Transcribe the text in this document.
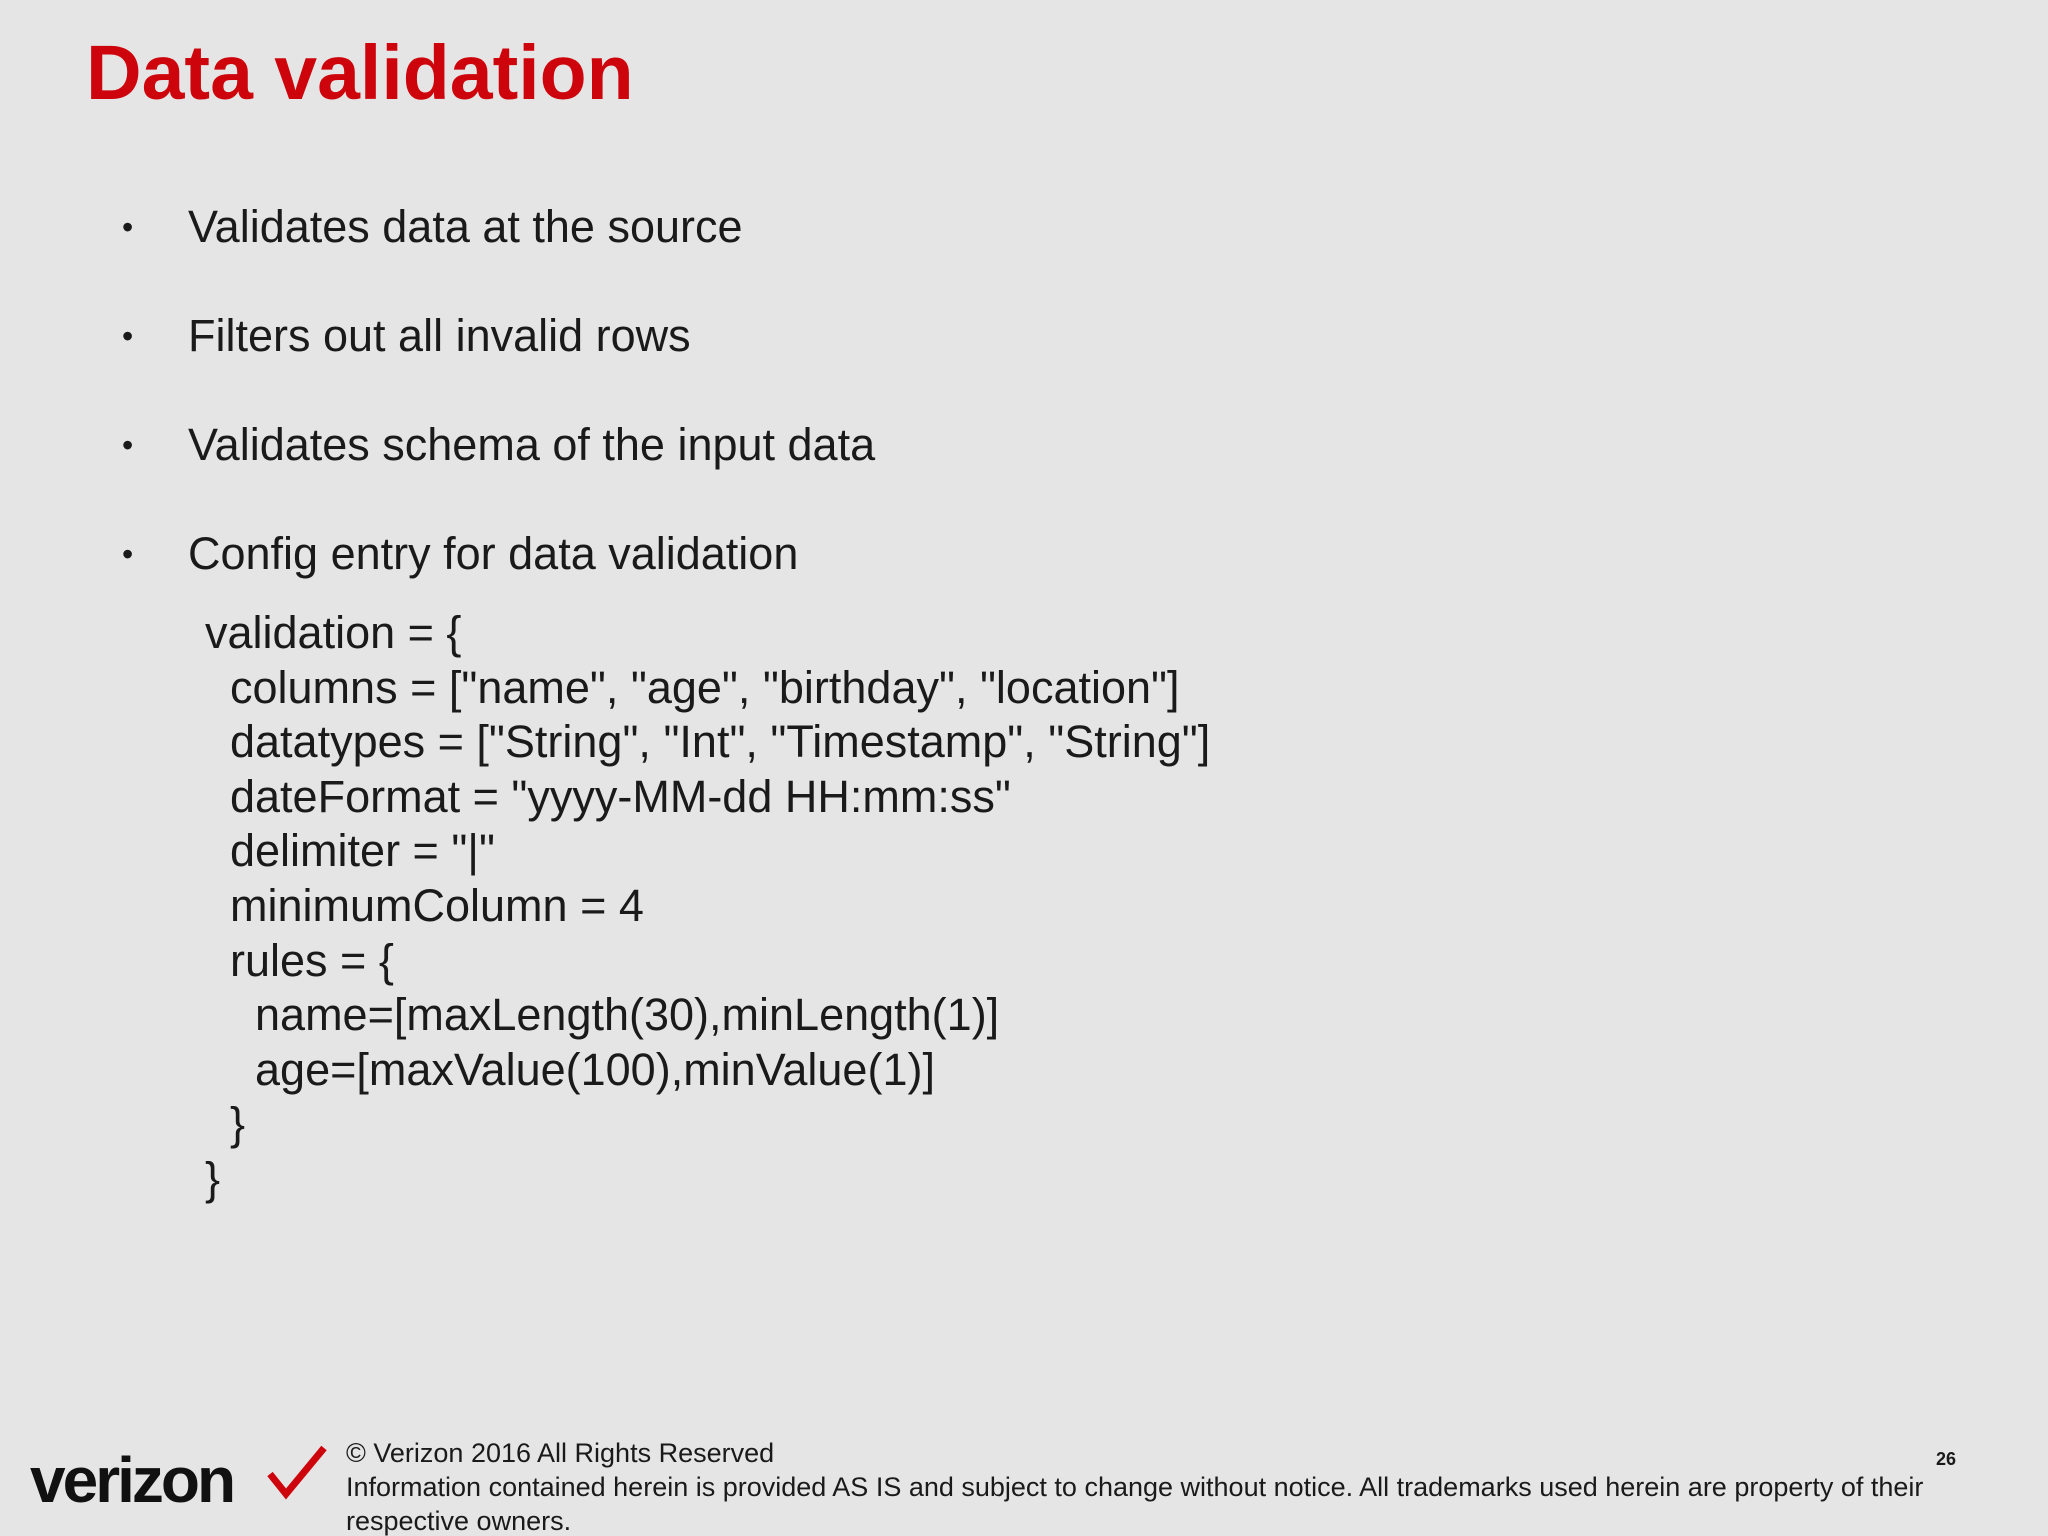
Data validation
• Validates data at the source
• Filters out all invalid rows
• Validates schema of the input data
• Config entry for data validation
validation = {
columns = ["name", "age", "birthday", "location"]
datatypes = ["String", "Int", "Timestamp", "String"]
dateFormat = "yyyy-MM-dd HH:mm:ss"
delimiter = "|"
minimumColumn = 4
rules = {
name=[maxLength(30),minLength(1)]
age=[maxValue(100),minValue(1)]
}
}
verizon	© Verizon 2016 All Rights Reserved
Information contained herein is provided AS IS and subject to change without notice. All trademarks used herein are property of their respective owners.
26
